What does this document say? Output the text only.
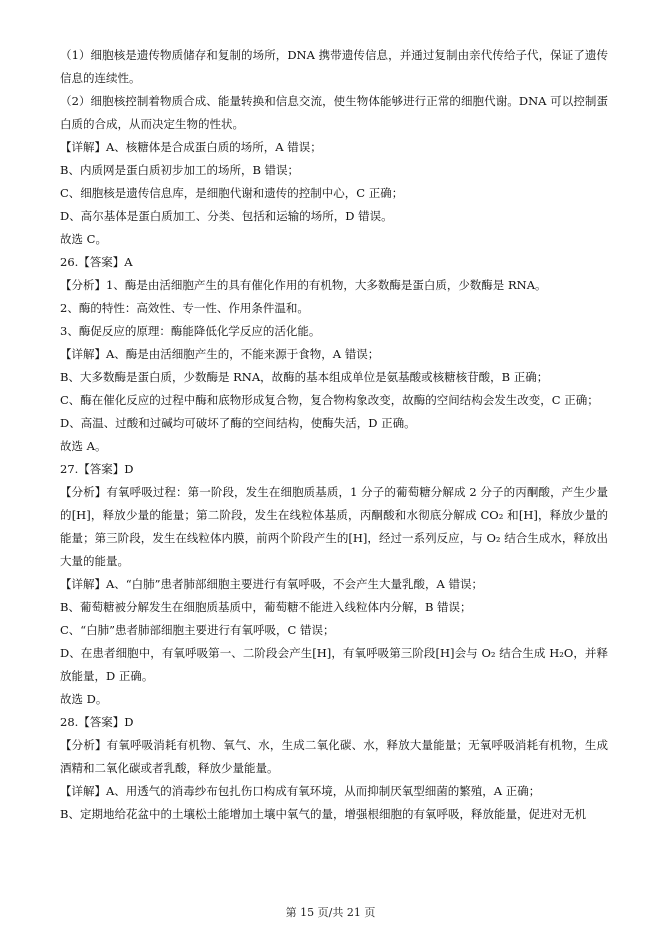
（1）细胞核是遗传物质储存和复制的场所，DNA 携带遗传信息，并通过复制由亲代传给子代，保证了遗传信息的连续性。

（2）细胞核控制着物质合成、能量转换和信息交流，使生物体能够进行正常的细胞代谢。DNA 可以控制蛋白质的合成，从而决定生物的性状。

【详解】A、核糖体是合成蛋白质的场所，A 错误；

B、内质网是蛋白质初步加工的场所，B 错误；

C、细胞核是遗传信息库，是细胞代谢和遗传的控制中心，C 正确；

D、高尔基体是蛋白质加工、分类、包括和运输的场所，D 错误。

故选 C。

26.【答案】A

【分析】1、酶是由活细胞产生的具有催化作用的有机物，大多数酶是蛋白质，少数酶是 RNA。

2、酶的特性：高效性、专一性、作用条件温和。

3、酶促反应的原理：酶能降低化学反应的活化能。

【详解】A、酶是由活细胞产生的，不能来源于食物，A 错误；

B、大多数酶是蛋白质，少数酶是 RNA，故酶的基本组成单位是氨基酸或核糖核苷酸，B 正确；

C、酶在催化反应的过程中酶和底物形成复合物，复合物构象改变，故酶的空间结构会发生改变，C 正确；

D、高温、过酸和过碱均可破坏了酶的空间结构，使酶失活，D 正确。

故选 A。

27.【答案】D

【分析】有氧呼吸过程：第一阶段，发生在细胞质基质，1 分子的葡萄糖分解成 2 分子的丙酮酸，产生少量的[H]，释放少量的能量；第二阶段，发生在线粒体基质，丙酮酸和水彻底分解成 CO₂ 和[H]，释放少量的能量；第三阶段，发生在线粒体内膜，前两个阶段产生的[H]，经过一系列反应，与 O₂ 结合生成水，释放出大量的能量。

【详解】A、“白肺”患者肺部细胞主要进行有氧呼吸，不会产生大量乳酸，A 错误；

B、葡萄糖被分解发生在细胞质基质中，葡萄糖不能进入线粒体内分解，B 错误；

C、“白肺”患者肺部细胞主要进行有氧呼吸，C 错误；

D、在患者细胞中，有氧呼吸第一、二阶段会产生[H]，有氧呼吸第三阶段[H]会与 O₂ 结合生成 H₂O，并释放能量，D 正确。

故选 D。

28.【答案】D

【分析】有氧呼吸消耗有机物、氧气、水，生成二氧化碳、水，释放大量能量；无氧呼吸消耗有机物，生成酒精和二氧化碳或者乳酸，释放少量能量。

【详解】A、用透气的消毒纱布包扎伤口构成有氧环境，从而抑制厌氧型细菌的繁殖，A 正确；

B、定期地给花盆中的土壤松土能增加土壤中氧气的量，增强根细胞的有氧呼吸，释放能量，促进对无机

第 15 页/共 21 页
